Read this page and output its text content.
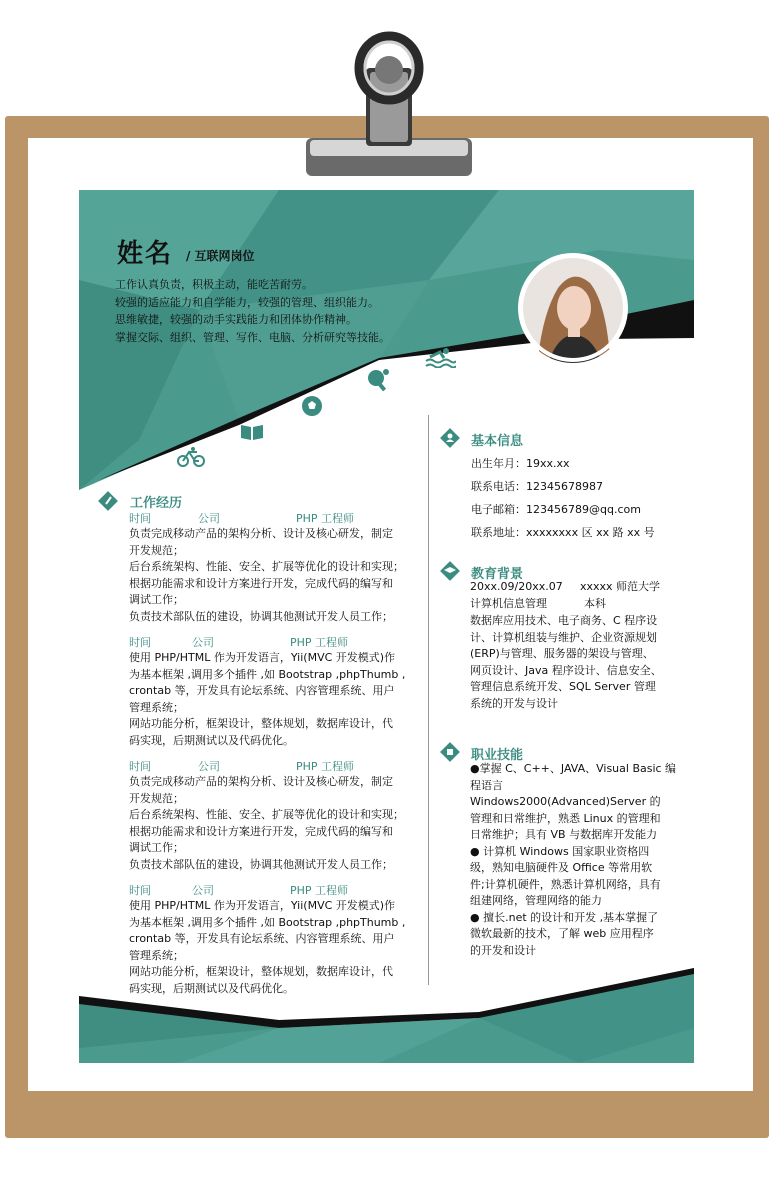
姓名 / 互联网岗位
工作认真负责，积极主动，能吃苦耐劳。
较强的适应能力和自学能力，较强的管理、组织能力。
思维敏捷，较强的动手实践能力和团体协作精神。
掌握交际、组织、管理、写作、电脑、分析研究等技能。
工作经历
时间	公司	PHP 工程师
负责完成移动产品的架构分析、设计及核心研发，制定
开发规范；
后台系统架构、性能、安全、扩展等优化的设计和实现；
根据功能需求和设计方案进行开发，完成代码的编写和
调试工作；
负责技术部队伍的建设，协调其他测试开发人员工作；
时间	公司	PHP 工程师
使用 PHP/HTML 作为开发语言，Yii(MVC 开发模式)作
为基本框架 ,调用多个插件 ,如 Bootstrap ,phpThumb ,
crontab 等，开发具有论坛系统、内容管理系统、用户
管理系统；
网站功能分析，框架设计，整体规划，数据库设计，代
码实现，后期测试以及代码优化。
时间	公司	PHP 工程师
负责完成移动产品的架构分析、设计及核心研发，制定
开发规范；
后台系统架构、性能、安全、扩展等优化的设计和实现；
根据功能需求和设计方案进行开发，完成代码的编写和
调试工作；
负责技术部队伍的建设，协调其他测试开发人员工作；
时间	公司	PHP 工程师
使用 PHP/HTML 作为开发语言，Yii(MVC 开发模式)作
为基本框架 ,调用多个插件 ,如 Bootstrap ,phpThumb ,
crontab 等，开发具有论坛系统、内容管理系统、用户
管理系统；
网站功能分析，框架设计，整体规划，数据库设计，代
码实现，后期测试以及代码优化。
基本信息
出生年月：19xx.xx
联系电话：12345678987
电子邮箱：123456789@qq.com
联系地址：xxxxxxxx 区 xx 路 xx 号
教育背景
20xx.09/20xx.07 xxxxx 师范大学
计算机信息管理	本科
数据库应用技术、电子商务、C 程序设
计、计算机组装与维护、企业资源规划
(ERP)与管理、服务器的架设与管理、
网页设计、Java 程序设计、信息安全、
管理信息系统开发、SQL Server 管理
系统的开发与设计
职业技能
●掌握 C、C++、JAVA、Visual Basic 编
程语言
Windows2000(Advanced)Server 的
管理和日常维护，熟悉 Linux 的管理和
日常维护；具有 VB 与数据库开发能力
● 计算机 Windows 国家职业资格四
级，熟知电脑硬件及 Office 等常用软
件;计算机硬件，熟悉计算机网络，具有
组建网络，管理网络的能力
● 擅长.net 的设计和开发 ,基本掌握了
微软最新的技术，了解 web 应用程序
的开发和设计
